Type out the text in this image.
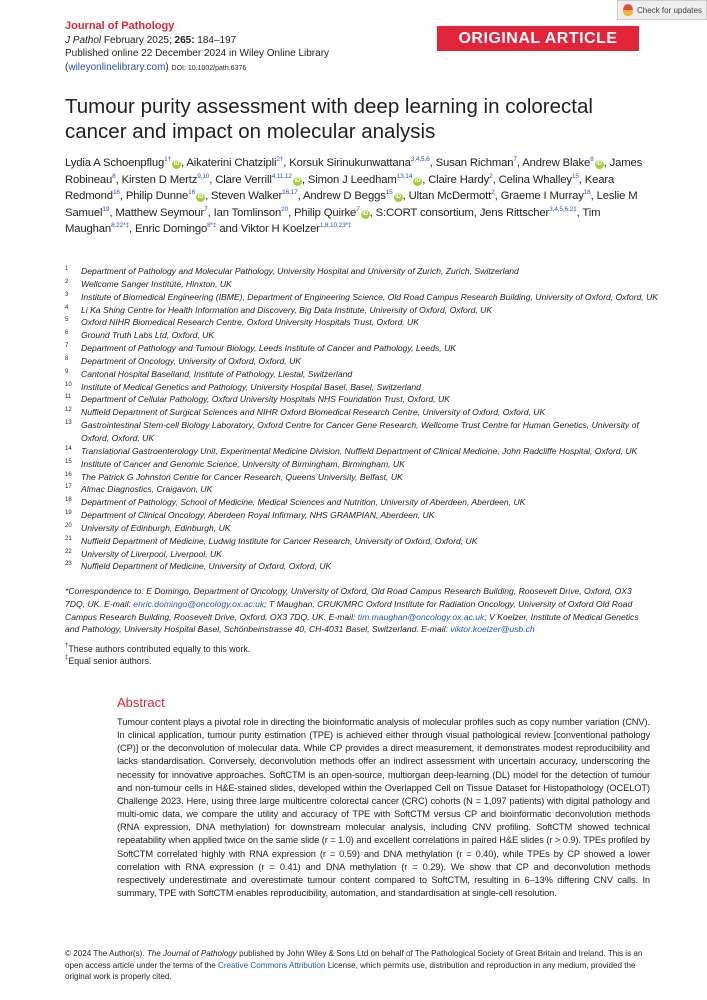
Check for updates
Journal of Pathology
J Pathol February 2025; 265: 184–197
Published online 22 December 2024 in Wiley Online Library
(wileyonlinelibrary.com) DOI: 10.1002/path.6376
ORIGINAL ARTICLE
Tumour purity assessment with deep learning in colorectal cancer and impact on molecular analysis
Lydia A Schoenpflug$^{1\dagger}$iD , Aikaterini Chatzipli$^{2\dagger}$, Korsuk Sirinukunwattana$^{3,4,5,6}$, Susan Richman$^7$, Andrew Blake$^8$iD , James Robineau$^8$, Kirsten D Mertz$^{9,10}$, Clare Verrill$^{4,11,12}$iD , Simon J Leedham$^{13,14}$iD , Claire Hardy$^2$, Celina Whalley$^{15}$, Keara Redmond$^{16}$, Philip Dunne$^{16}$iD , Steven Walker$^{16,17}$, Andrew D Beggs$^{15}$iD , Ultan McDermott$^2$, Graeme I Murray$^{18}$, Leslie M Samuel$^{19}$, Matthew Seymour$^7$, Ian Tomlinson$^{20}$, Philip Quirke$^7$iD , S:CORT consortium, Jens Rittscher$^{3,4,5,6,21}$, Tim Maughan$^{8,22*\ddagger}$, Enric Domingo$^{8*\ddagger}$ and Viktor H Koelzer$^{1,8,10,23*\ddagger}$
1 Department of Pathology and Molecular Pathology, University Hospital and University of Zurich, Zurich, Switzerland
2 Wellcome Sanger Institute, Hinxton, UK
3 Institute of Biomedical Engineering (IBME), Department of Engineering Science, Old Road Campus Research Building, University of Oxford, Oxford, UK
4 Li Ka Shing Centre for Health Information and Discovery, Big Data Institute, University of Oxford, Oxford, UK
5 Oxford NIHR Biomedical Research Centre, Oxford University Hospitals Trust, Oxford, UK
6 Ground Truth Labs Ltd, Oxford, UK
7 Department of Pathology and Tumour Biology, Leeds Institute of Cancer and Pathology, Leeds, UK
8 Department of Oncology, University of Oxford, Oxford, UK
9 Cantonal Hospital Baselland, Institute of Pathology, Liestal, Switzerland
10 Institute of Medical Genetics and Pathology, University Hospital Basel, Basel, Switzerland
11 Department of Cellular Pathology, Oxford University Hospitals NHS Foundation Trust, Oxford, UK
12 Nuffield Department of Surgical Sciences and NIHR Oxford Biomedical Research Centre, University of Oxford, Oxford, UK
13 Gastrointestinal Stem-cell Biology Laboratory, Oxford Centre for Cancer Gene Research, Wellcome Trust Centre for Human Genetics, University of Oxford, Oxford, UK
14 Translational Gastroenterology Unit, Experimental Medicine Division, Nuffield Department of Clinical Medicine, John Radcliffe Hospital, Oxford, UK
15 Institute of Cancer and Genomic Science, University of Birmingham, Birmingham, UK
16 The Patrick G Johnston Centre for Cancer Research, Queens University, Belfast, UK
17 Almac Diagnostics, Craigavon, UK
18 Department of Pathology, School of Medicine, Medical Sciences and Nutrition, University of Aberdeen, Aberdeen, UK
19 Department of Clinical Oncology, Aberdeen Royal Infirmary, NHS GRAMPIAN, Aberdeen, UK
20 University of Edinburgh, Edinburgh, UK
21 Nuffield Department of Medicine, Ludwig Institute for Cancer Research, University of Oxford, Oxford, UK
22 University of Liverpool, Liverpool, UK
23 Nuffield Department of Medicine, University of Oxford, Oxford, UK
*Correspondence to: E Domingo, Department of Oncology, University of Oxford, Old Road Campus Research Building, Roosevelt Drive, Oxford, OX3 7DQ, UK. E-mail: enric.domingo@oncology.ox.ac.uk; T Maughan, CRUK/MRC Oxford Institute for Radiation Oncology, University of Oxford Old Road Campus Research Building, Roosevelt Drive, Oxford, OX3 7DQ, UK. E-mail: tim.maughan@oncology.ox.ac.uk; V Koelzer, Institute of Medical Genetics and Pathology, University Hospital Basel, Schönbeinstrasse 40, CH-4031 Basel, Switzerland. E-mail: viktor.koelzer@usb.ch
†These authors contributed equally to this work.
‡Equal senior authors.
Abstract
Tumour content plays a pivotal role in directing the bioinformatic analysis of molecular profiles such as copy number variation (CNV). In clinical application, tumour purity estimation (TPE) is achieved either through visual pathological review [conventional pathology (CP)] or the deconvolution of molecular data. While CP provides a direct measurement, it demonstrates modest reproducibility and lacks standardisation. Conversely, deconvolution methods offer an indirect assessment with uncertain accuracy, underscoring the necessity for innovative approaches. SoftCTM is an open-source, multiorgan deep-learning (DL) model for the detection of tumour and non-tumour cells in H&E-stained slides, developed within the Overlapped Cell on Tissue Dataset for Histopathology (OCELOT) Challenge 2023. Here, using three large multicentre colorectal cancer (CRC) cohorts (N = 1,097 patients) with digital pathology and multi-omic data, we compare the utility and accuracy of TPE with SoftCTM versus CP and bioinformatic deconvolution methods (RNA expression, DNA methylation) for downstream molecular analysis, including CNV profiling. SoftCTM showed technical repeatability when applied twice on the same slide (r = 1.0) and excellent correlations in paired H&E slides (r > 0.9). TPEs profiled by SoftCTM correlated highly with RNA expression (r = 0.59) and DNA methylation (r = 0.40), while TPEs by CP showed a lower correlation with RNA expression (r = 0.41) and DNA methylation (r = 0.29). We show that CP and deconvolution methods respectively underestimate and overestimate tumour content compared to SoftCTM, resulting in 6–13% differing CNV calls. In summary, TPE with SoftCTM enables reproducibility, automation, and standardisation at single-cell resolution.
© 2024 The Author(s). The Journal of Pathology published by John Wiley & Sons Ltd on behalf of The Pathological Society of Great Britain and Ireland. This is an open access article under the terms of the Creative Commons Attribution License, which permits use, distribution and reproduction in any medium, provided the original work is properly cited.
